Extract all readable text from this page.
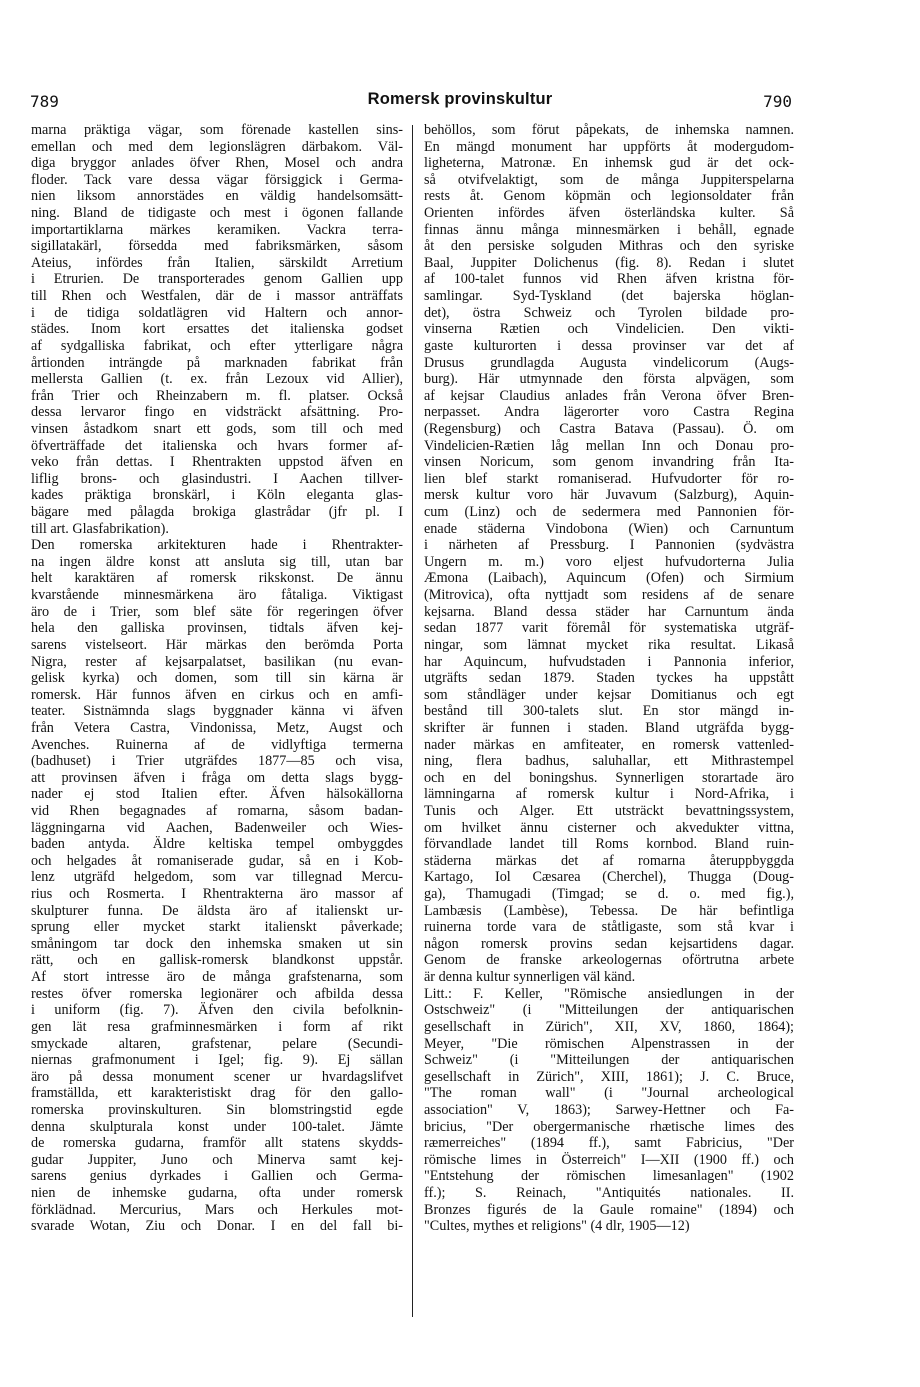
789	Romersk provinskultur	790
marna präktiga vägar, som förenade kastellen sins-
emellan och med dem legionslägren därbakom. Väl-
diga bryggor anlades öfver Rhen, Mosel och andra
floder. Tack vare dessa vägar försiggick i Germa-
nien liksom annorstädes en väldig handelsomsätt-
ning. Bland de tidigaste och mest i ögonen fallande
importartiklarna märkes keramiken. Vackra terra-
sigillatakärl, försedda med fabriksmärken, såsom
Ateius, infördes från Italien, särskildt Arretium
i Etrurien. De transporterades genom Gallien upp
till Rhen och Westfalen, där de i massor anträffats
i de tidiga soldatlägren vid Haltern och annor-
städes. Inom kort ersattes det italienska godset
af sydgalliska fabrikat, och efter ytterligare några
årtionden inträngde på marknaden fabrikat från
mellersta Gallien (t. ex. från Lezoux vid Allier),
från Trier och Rheinzabern m. fl. platser. Också
dessa lervaror fingo en vidsträckt afsättning. Pro-
vinsen åstadkom snart ett gods, som till och med
öfverträffade det italienska och hvars former af-
veko från dettas. I Rhentrakten uppstod äfven en
liflig brons- och glasindustri. I Aachen tillver-
kades präktiga bronskärl, i Köln eleganta glas-
bägare med pålagda brokiga glastrådar (jfr pl. I
till art. Glasfabrikation).
Den romerska arkitekturen hade i Rhentrakter-
na ingen äldre konst att ansluta sig till, utan bar
helt karaktären af romersk rikskonst. De ännu
kvarstående minnesmärkena äro fåtaliga. Viktigast
äro de i Trier, som blef säte för regeringen öfver
hela den galliska provinsen, tidtals äfven kej-
sarens vistelseort. Här märkas den berömda Porta
Nigra, rester af kejsarpalatset, basilikan (nu evan-
gelisk kyrka) och domen, som till sin kärna är
romersk. Här funnos äfven en cirkus och en amfi-
teater. Sistnämnda slags byggnader känna vi äfven
från Vetera Castra, Vindonissa, Metz, Augst och
Avenches. Ruinerna af de vidlyftiga termerna
(badhuset) i Trier utgräfdes 1877—85 och visa,
att provinsen äfven i fråga om detta slags bygg-
nader ej stod Italien efter. Äfven hälsokällorna
vid Rhen begagnades af romarna, såsom badan-
läggningarna vid Aachen, Badenweiler och Wies-
baden antyda. Äldre keltiska tempel ombyggdes
och helgades åt romaniserade gudar, så en i Kob-
lenz utgräfd helgedom, som var tillegnad Mercu-
rius och Rosmerta. I Rhentrakterna äro massor af
skulpturer funna. De äldsta äro af italienskt ur-
sprung eller mycket starkt italienskt påverkade;
småningom tar dock den inhemska smaken ut sin
rätt, och en gallisk-romersk blandkonst uppstår.
Af stort intresse äro de många grafstenarna, som
restes öfver romerska legionärer och afbilda dessa
i uniform (fig. 7). Äfven den civila befolknin-
gen lät resa grafminnesmärken i form af rikt
smyckade altaren, grafstenar, pelare (Secundi-
niernas grafmonument i Igel; fig. 9). Ej sällan
äro på dessa monument scener ur hvardagslifvet
framställda, ett karakteristiskt drag för den gallo-
romerska provinskulturen. Sin blomstringstid egde
denna skulpturala konst under 100-talet. Jämte
de romerska gudarna, framför allt statens skydds-
gudar Juppiter, Juno och Minerva samt kej-
sarens genius dyrkades i Gallien och Germa-
nien de inhemske gudarna, ofta under romersk
förklädnad. Mercurius, Mars och Herkules mot-
svarade Wotan, Ziu och Donar. I en del fall bi-
behöllos, som förut påpekats, de inhemska namnen.
En mängd monument har uppförts åt modergudom-
ligheterna, Matronæ. En inhemsk gud är det ock-
så otvifvelaktigt, som de många Juppiterspelarna
rests åt. Genom köpmän och legionsoldater från
Orienten infördes äfven österländska kulter. Så
finnas ännu många minnesmärken i behåll, egnade
åt den persiske solguden Mithras och den syriske
Baal, Juppiter Dolichenus (fig. 8). Redan i slutet
af 100-talet funnos vid Rhen äfven kristna för-
samlingar. Syd-Tyskland (det bajerska höglan-
det), östra Schweiz och Tyrolen bildade pro-
vinserna Rætien och Vindelicien. Den vikti-
gaste kulturorten i dessa provinser var det af
Drusus grundlagda Augusta vindelicorum (Augs-
burg). Här utmynnade den första alpvägen, som
af kejsar Claudius anlades från Verona öfver Bren-
nerpasset. Andra lägerorter voro Castra Regina
(Regensburg) och Castra Batava (Passau). Ö. om
Vindelicien-Rætien låg mellan Inn och Donau pro-
vinsen Noricum, som genom invandring från Ita-
lien blef starkt romaniserad. Hufvudorter för ro-
mersk kultur voro här Juvavum (Salzburg), Aquin-
cum (Linz) och de sedermera med Pannonien för-
enade städerna Vindobona (Wien) och Carnuntum
i närheten af Pressburg. I Pannonien (sydvästra
Ungern m. m.) voro eljest hufvudorterna Julia
Æmona (Laibach), Aquincum (Ofen) och Sirmium
(Mitrovica), ofta nyttjadt som residens af de senare
kejsarna. Bland dessa städer har Carnuntum ända
sedan 1877 varit föremål för systematiska utgräf-
ningar, som lämnat mycket rika resultat. Likaså
har Aquincum, hufvudstaden i Pannonia inferior,
utgräfts sedan 1879. Staden tyckes ha uppstått
som ståndläger under kejsar Domitianus och egt
bestånd till 300-talets slut. En stor mängd in-
skrifter är funnen i staden. Bland utgräfda bygg-
nader märkas en amfiteater, en romersk vattenled-
ning, flera badhus, saluhallar, ett Mithrastempel
och en del boningshus. Synnerligen storartade äro
lämningarna af romersk kultur i Nord-Afrika, i
Tunis och Alger. Ett utsträckt bevattningssystem,
om hvilket ännu cisterner och akvedukter vittna,
förvandlade landet till Roms kornbod. Bland ruin-
städerna märkas det af romarna återuppbyggda
Kartago, Iol Cæsarea (Cherchel), Thugga (Doug-
ga), Thamugadi (Timgad; se d. o. med fig.),
Lambæsis (Lambèse), Tebessa. De här befintliga
ruinerna torde vara de ståtligaste, som stå kvar i
någon romersk provins sedan kejsartidens dagar.
Genom de franske arkeologernas oförtrutna arbete
är denna kultur synnerligen väl känd.
Litt.: F. Keller, "Römische ansiedlungen in der
Ostschweiz" (i "Mitteilungen der antiquarischen
gesellschaft in Zürich", XII, XV, 1860, 1864);
Meyer, "Die römischen Alpenstrassen in der
Schweiz" (i "Mitteilungen der antiquarischen
gesellschaft in Zürich", XIII, 1861); J. C. Bruce,
"The roman wall" (i "Journal archeological
association" V, 1863); Sarwey-Hettner och Fa-
bricius, "Der obergermanische rhætische limes des
ræmerreiches" (1894 ff.), samt Fabricius, "Der
römische limes in Österreich" I—XII (1900 ff.) och
"Entstehung der römischen limesanlagen" (1902
ff.); S. Reinach, "Antiquités nationales. II.
Bronzes figurés de la Gaule romaine" (1894) och
"Cultes, mythes et religions" (4 dlr, 1905—12)
